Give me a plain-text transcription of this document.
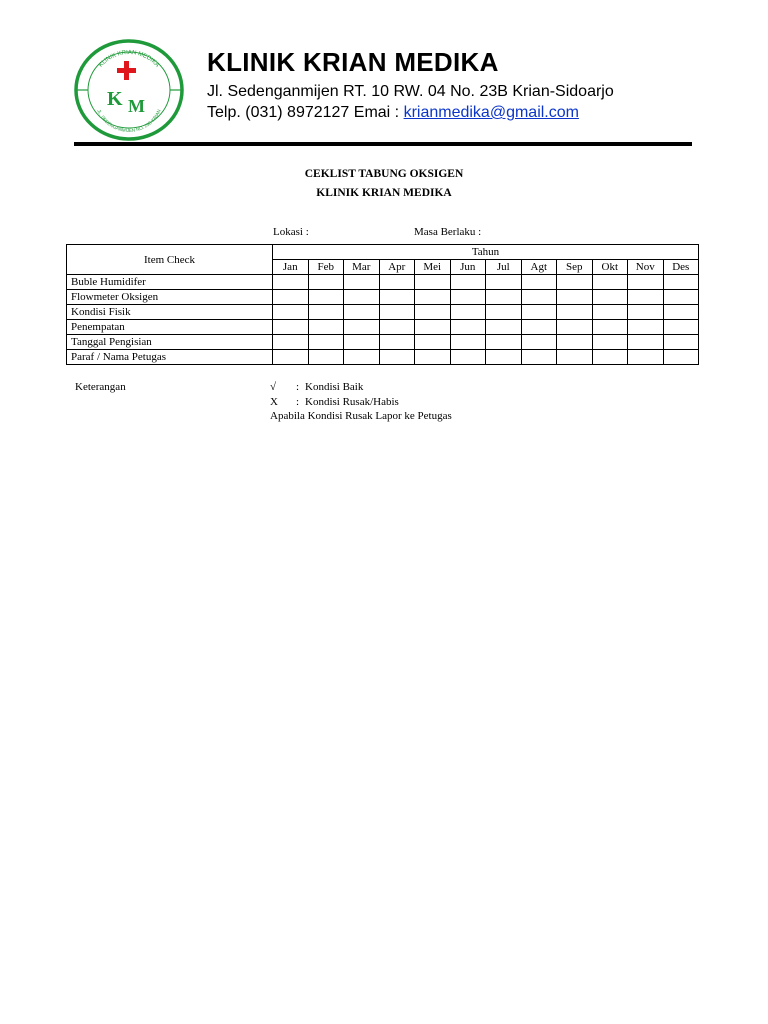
KLINIK KRIAN MEDIKA
JL. SEDENGANMIJEN NO. 23B KRIAN
K M
KLINIK KRIAN MEDIKA
Jl. Sedenganmijen RT. 10 RW. 04 No. 23B Krian-Sidoarjo
Telp. (031) 8972127 Emai : krianmedika@gmail.com
CEKLIST TABUNG OKSIGEN
KLINIK KRIAN MEDIKA
Lokasi :	Masa Berlaku :
Item Check	Tahun											
	Jan	Feb	Mar	Apr	Mei	Jun	Jul	Agt	Sep	Okt	Nov	Des
Buble Humidifer												
Flowmeter Oksigen												
Kondisi Fisik												
Penempatan												
Tanggal Pengisian												
Paraf / Nama Petugas												
Keterangan	√ : Kondisi Baik
X : Kondisi Rusak/Habis
Apabila Kondisi Rusak Lapor ke Petugas
